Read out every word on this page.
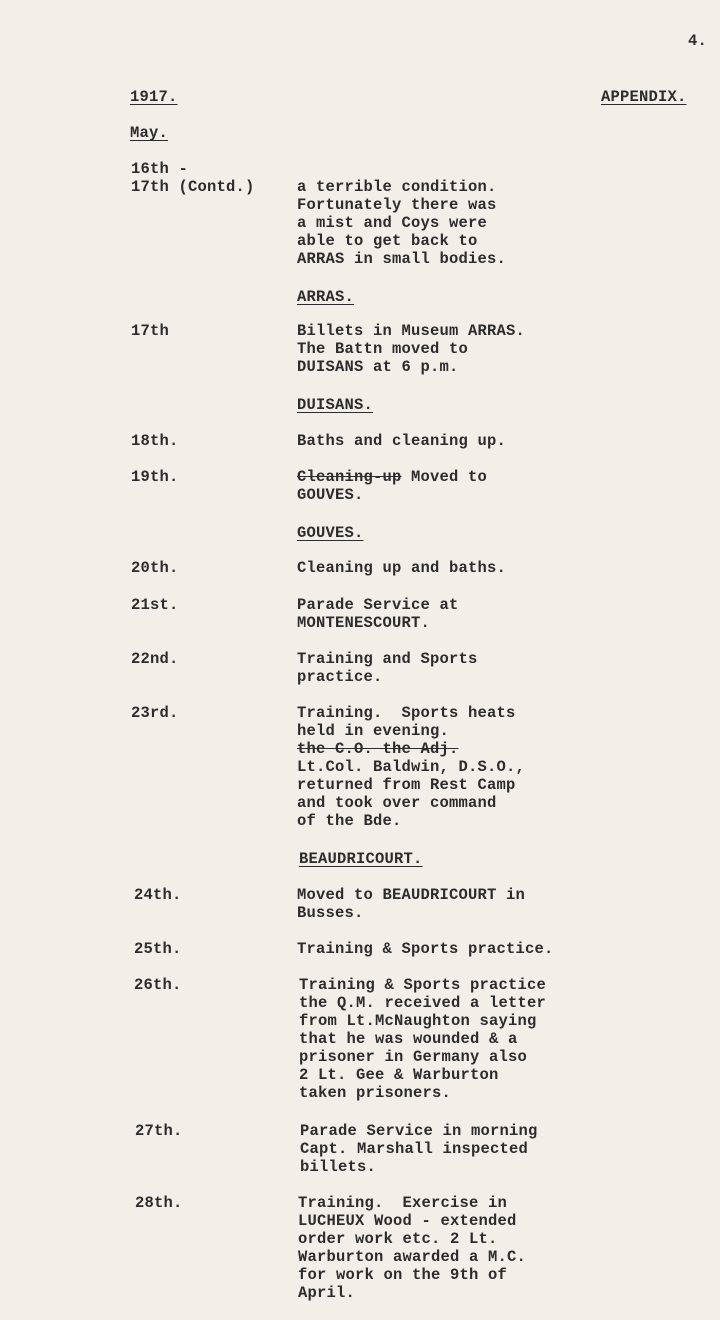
4.
1917.	APPENDIX.
May.
16th -
17th (Contd.)	a terrible condition.
Fortunately there was
a mist and Coys were
able to get back to
ARRAS in small bodies.
ARRAS.
17th	Billets in Museum ARRAS.
The Battn moved to
DUISANS at 6 p.m.
DUISANS.
18th.	Baths and cleaning up.
19th.	Cleaning-up Moved to
GOUVES.
GOUVES.
20th.	Cleaning up and baths.
21st.	Parade Service at
MONTENESCOURT.
22nd.	Training and Sports
practice.
23rd.	Training.  Sports heats
held in evening.
the C.O. the Adj.
Lt.Col. Baldwin, D.S.O.,
returned from Rest Camp
and took over command
of the Bde.
BEAUDRICOURT.
24th.	Moved to BEAUDRICOURT in
Busses.
25th.	Training & Sports practice.
26th.	Training & Sports practice
the Q.M. received a letter
from Lt.McNaughton saying
that he was wounded & a
prisoner in Germany also
2 Lt. Gee & Warburton
taken prisoners.
27th.	Parade Service in morning
Capt. Marshall inspected
billets.
28th.	Training.  Exercise in
LUCHEUX Wood - extended
order work etc. 2 Lt.
Warburton awarded a M.C.
for work on the 9th of
April.
